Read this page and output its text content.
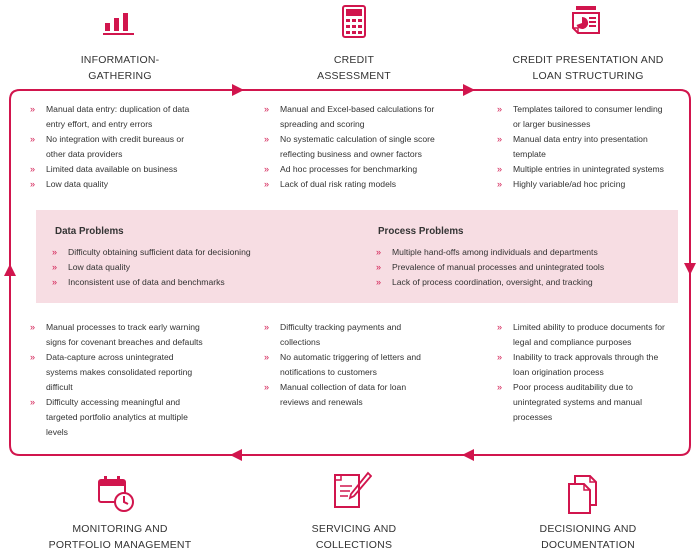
INFORMATION-
GATHERING
CREDIT
ASSESSMENT
CREDIT PRESENTATION AND
LOAN STRUCTURING
» Manual data entry: duplication of data
entry effort, and entry errors
» No integration with credit bureaus or
other data providers
» Limited data available on business
» Low data quality
» Manual and Excel-based calculations for
spreading and scoring
» No systematic calculation of single score
reflecting business and owner factors
» Ad hoc processes for benchmarking
» Lack of dual risk rating models
» Templates tailored to consumer lending
or larger businesses
» Manual data entry into presentation
template
» Multiple entries in unintegrated systems
» Highly variable/ad hoc pricing
Data Problems
» Difficulty obtaining sufficient data for decisioning
» Low data quality
» Inconsistent use of data and benchmarks
Process Problems
» Multiple hand-offs among individuals and departments
» Prevalence of manual processes and unintegrated tools
» Lack of process coordination, oversight, and tracking
» Manual processes to track early warning
signs for covenant breaches and defaults
» Data-capture across unintegrated
systems makes consolidated reporting
difficult
» Difficulty accessing meaningful and
targeted portfolio analytics at multiple
levels
» Difficulty tracking payments and
collections
» No automatic triggering of letters and
notifications to customers
» Manual collection of data for loan
reviews and renewals
» Limited ability to produce documents for
legal and compliance purposes
» Inability to track approvals through the
loan origination process
» Poor process auditability due to
unintegrated systems and manual
processes
MONITORING AND
PORTFOLIO MANAGEMENT
SERVICING AND
COLLECTIONS
DECISIONING AND
DOCUMENTATION
